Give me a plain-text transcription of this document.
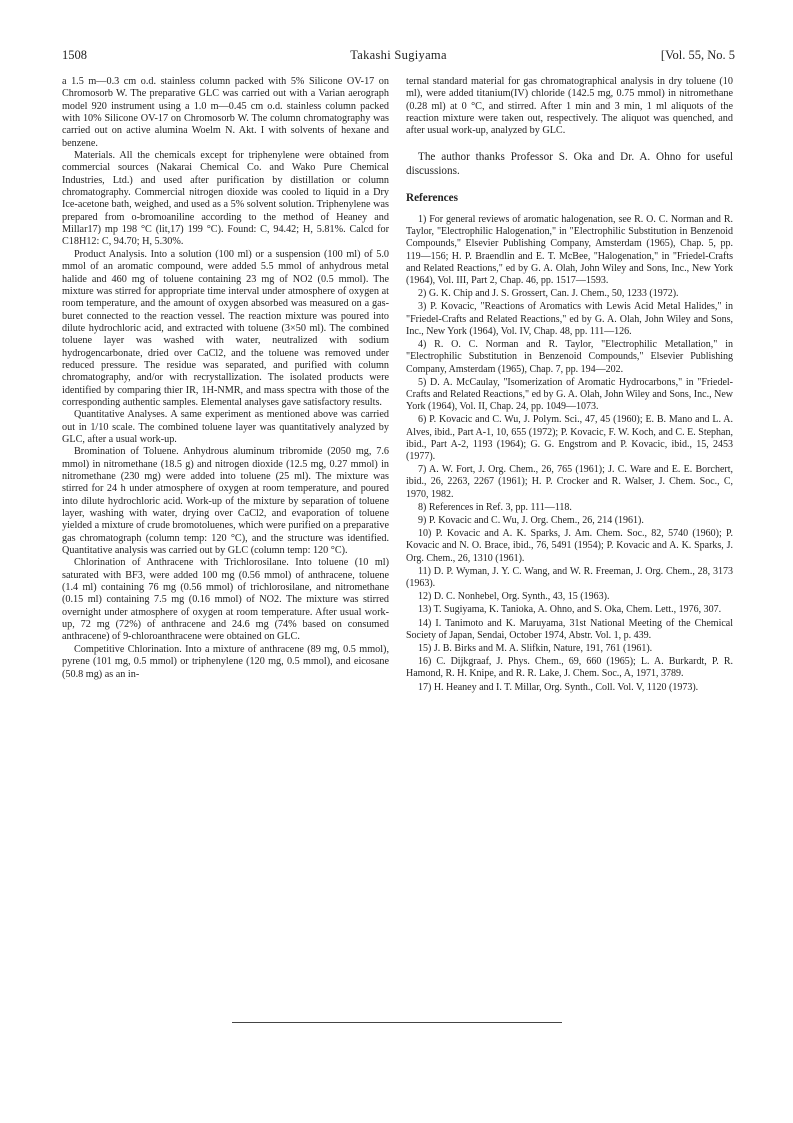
1508	Takashi Sugiyama	[Vol. 55, No. 5

a 1.5 m—0.3 cm o.d. stainless column packed with 5% Silicone OV-17 on Chromosorb W. The preparative GLC was carried out with a Varian aerograph model 920 instrument using a 1.0 m—0.45 cm o.d. stainless column packed with 10% Silicone OV-17 on Chromosorb W. The column chromatography was carried out on active alumina Woelm N. Akt. I with solvents of hexane and benzene.

Materials. All the chemicals except for triphenylene were obtained from commercial sources (Nakarai Chemical Co. and Wako Pure Chemical Industries, Ltd.) and used after purification by distillation or column chromatography. Commercial nitrogen dioxide was cooled to liquid in a Dry Ice-acetone bath, weighed, and used as a 5% solvent solution. Triphenylene was prepared from o-bromoaniline according to the method of Heaney and Millar17) mp 198 °C (lit,17) 199 °C). Found: C, 94.42; H, 5.81%. Calcd for C18H12: C, 94.70; H, 5.30%.

Product Analysis. Into a solution (100 ml) or a suspension (100 ml) of 5.0 mmol of an aromatic compound, were added 5.5 mmol of anhydrous metal halide and 460 mg of toluene containing 23 mg of NO2 (0.5 mmol). The mixture was stirred for appropriate time interval under atmosphere of oxygen at room temperature, and the amount of oxygen absorbed was measured on a gas-buret connected to the reaction vessel. The reaction mixture was poured into dilute hydrochloric acid, and extracted with toluene (3×50 ml). The combined toluene layer was washed with water, neutralized with sodium hydrogencarbonate, dried over CaCl2, and the toluene was removed under reduced pressure. The residue was separated, and purified with column chromatography, and/or with recrystallization. The isolated products were identified by comparing thier IR, 1H-NMR, and mass spectra with those of the corresponding authentic samples. Elemental analyses gave satisfactory results.

Quantitative Analyses. A same experiment as mentioned above was carried out in 1/10 scale. The combined toluene layer was quantitatively analyzed by GLC, after a usual work-up.

Bromination of Toluene. Anhydrous aluminum tribromide (2050 mg, 7.6 mmol) in nitromethane (18.5 g) and nitrogen dioxide (12.5 mg, 0.27 mmol) in nitromethane (230 mg) were added into toluene (25 ml). The mixture was stirred for 24 h under atmosphere of oxygen at room temperature, and poured into dilute hydrochloric acid. Work-up of the mixture by separation of toluene layer, washing with water, drying over CaCl2, and evaporation of toluene yielded a mixture of crude bromotoluenes, which were purified on a preparative gas chromatograph (column temp: 120 °C), and the structure was identified. Quantitative analysis was carried out by GLC (column temp: 120 °C).

Chlorination of Anthracene with Trichlorosilane. Into toluene (10 ml) saturated with BF3, were added 100 mg (0.56 mmol) of anthracene, toluene (1.4 ml) containing 76 mg (0.56 mmol) of trichlorosilane, and nitromethane (0.15 ml) containing 7.5 mg (0.16 mmol) of NO2. The mixture was stirred overnight under atmosphere of oxygen at room temperature. After usual work-up, 72 mg (72%) of anthracene and 24.6 mg (74% based on consumed anthracene) of 9-chloroanthracene were obtained on GLC.

Competitive Chlorination. Into a mixture of anthracene (89 mg, 0.5 mmol), pyrene (101 mg, 0.5 mmol) or triphenylene (120 mg, 0.5 mmol), and eicosane (50.8 mg) as an in-

ternal standard material for gas chromatographical analysis in dry toluene (10 ml), were added titanium(IV) chloride (142.5 mg, 0.75 mmol) in nitromethane (0.28 ml) at 0 °C, and stirred. After 1 min and 3 min, 1 ml aliquots of the reaction mixture were taken out, respectively. The aliquot was quenched, and after usual work-up, analyzed by GLC.

The author thanks Professor S. Oka and Dr. A. Ohno for useful discussions.

References
1) For general reviews of aromatic halogenation, see R. O. C. Norman and R. Taylor, "Electrophilic Halogenation," in "Electrophilic Substitution in Benzenoid Compounds," Elsevier Publishing Company, Amsterdam (1965), Chap. 5, pp. 119—156; H. P. Braendlin and E. T. McBee, "Halogenation," in "Friedel-Crafts and Related Reactions," ed by G. A. Olah, John Wiley and Sons, Inc., New York (1964), Vol. III, Part 2, Chap. 46, pp. 1517—1593.
2) G. K. Chip and J. S. Grossert, Can. J. Chem., 50, 1233 (1972).
3) P. Kovacic, "Reactions of Aromatics with Lewis Acid Metal Halides," in "Friedel-Crafts and Related Reactions," ed by G. A. Olah, John Wiley and Sons, Inc., New York (1964), Vol. IV, Chap. 48, pp. 111—126.
4) R. O. C. Norman and R. Taylor, "Electrophilic Metallation," in "Electrophilic Substitution in Benzenoid Compounds," Elsevier Publishing Company, Amsterdam (1965), Chap. 7, pp. 194—202.
5) D. A. McCaulay, "Isomerization of Aromatic Hydrocarbons," in "Friedel-Crafts and Related Reactions," ed by G. A. Olah, John Wiley and Sons, Inc., New York (1964), Vol. II, Chap. 24, pp. 1049—1073.
6) P. Kovacic and C. Wu, J. Polym. Sci., 47, 45 (1960); E. B. Mano and L. A. Alves, ibid., Part A-1, 10, 655 (1972); P. Kovacic, F. W. Koch, and C. E. Stephan, ibid., Part A-2, 1193 (1964); G. G. Engstrom and P. Kovacic, ibid., 15, 2453 (1977).
7) A. W. Fort, J. Org. Chem., 26, 765 (1961); J. C. Ware and E. E. Borchert, ibid., 26, 2263, 2267 (1961); H. P. Crocker and R. Walser, J. Chem. Soc., C, 1970, 1982.
8) References in Ref. 3, pp. 111—118.
9) P. Kovacic and C. Wu, J. Org. Chem., 26, 214 (1961).
10) P. Kovacic and A. K. Sparks, J. Am. Chem. Soc., 82, 5740 (1960); P. Kovacic and N. O. Brace, ibid., 76, 5491 (1954); P. Kovacic and A. K. Sparks, J. Org. Chem., 26, 1310 (1961).
11) D. P. Wyman, J. Y. C. Wang, and W. R. Freeman, J. Org. Chem., 28, 3173 (1963).
12) D. C. Nonhebel, Org. Synth., 43, 15 (1963).
13) T. Sugiyama, K. Tanioka, A. Ohno, and S. Oka, Chem. Lett., 1976, 307.
14) I. Tanimoto and K. Maruyama, 31st National Meeting of the Chemical Society of Japan, Sendai, October 1974, Abstr. Vol. 1, p. 439.
15) J. B. Birks and M. A. Slifkin, Nature, 191, 761 (1961).
16) C. Dijkgraaf, J. Phys. Chem., 69, 660 (1965); L. A. Burkardt, P. R. Hamond, R. H. Knipe, and R. R. Lake, J. Chem. Soc., A, 1971, 3789.
17) H. Heaney and I. T. Millar, Org. Synth., Coll. Vol. V, 1120 (1973).
